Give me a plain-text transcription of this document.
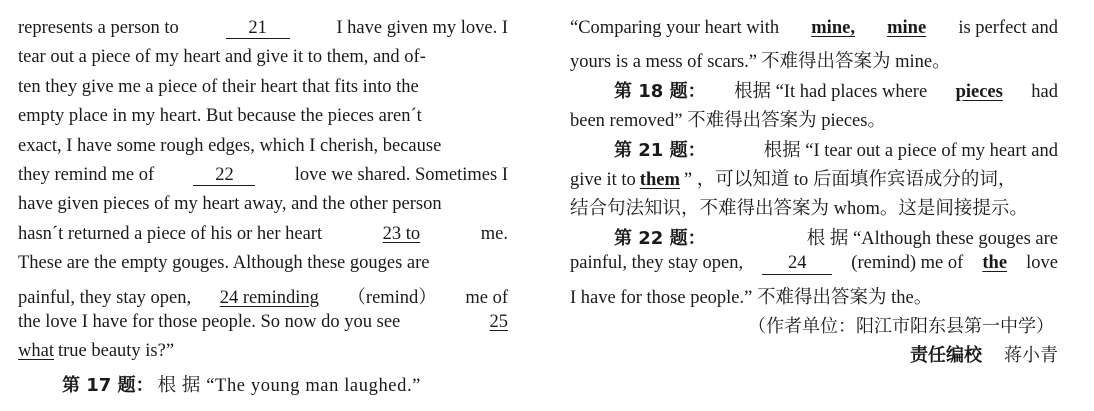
represents a person to	21	I have given my love. I
tear out a piece of my heart and give it to them, and of-
ten they give me a piece of their heart that fits into the
empty place in my heart. But because the pieces aren´t
exact, I have some rough edges, which I cherish, because
they remind me of	22	love we shared. Sometimes I
have given pieces of my heart away, and the other person
hasn´t returned a piece of his or her heart	23 to	me.
These are the empty gouges. Although these gouges are
painful, they stay open, 24 reminding （remind） me of
the love I have for those people. So now do you see	25
what true beauty is?”
第 17 题： 根 据 “The young man laughed.”
“Comparing your heart with mine, mine is perfect and
yours is a mess of scars.” 不难得出答案为 mine。
第 18 题： 根据 “It had places where pieces had
been removed” 不难得出答案为 pieces。
第 21 题：	根据 “I tear out a piece of my heart and
give it to them ” ，可以知道 to 后面填作宾语成分的词，
结合句法知识，不难得出答案为 whom。这是间接提示。
第 22 题：	根 据 “Although these gouges are
painful, they stay open,	24	(remind) me of the love
I have for those people.” 不难得出答案为 the。
（作者单位：阳江市阳东县第一中学）
责任编校 蒋小青
